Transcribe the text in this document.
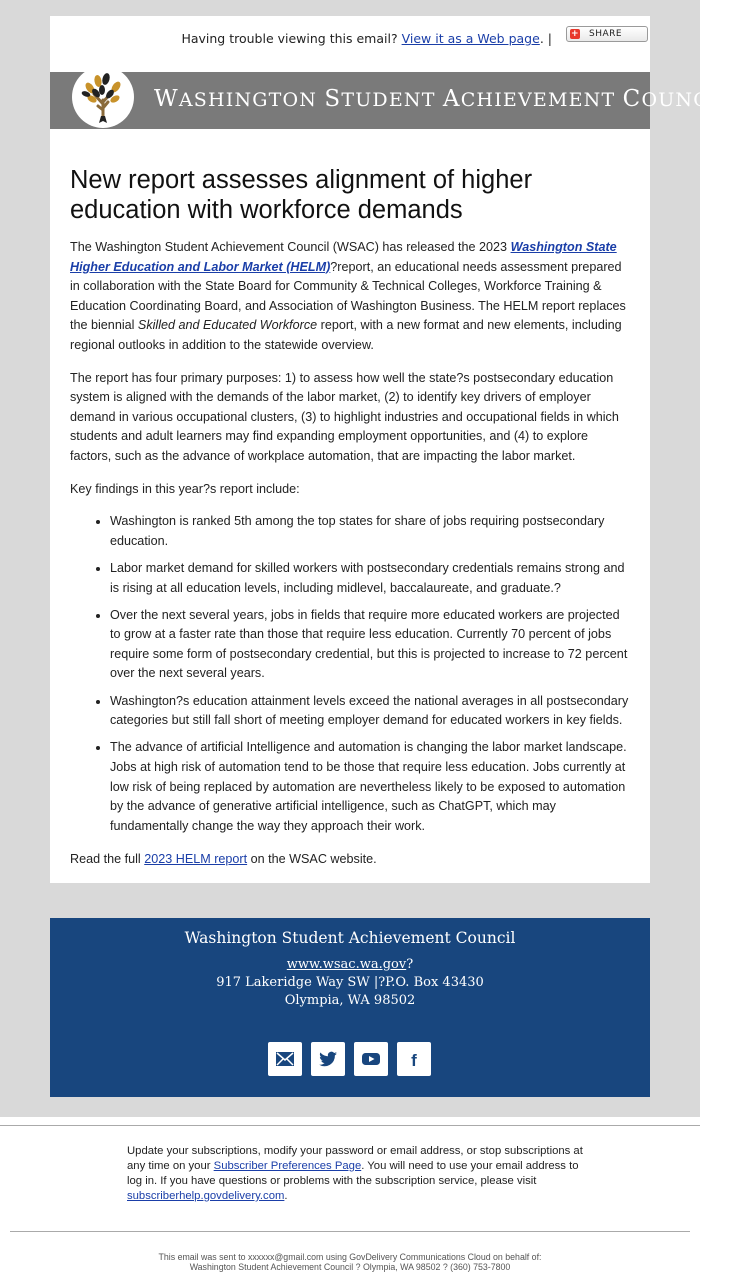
Having trouble viewing this email? View it as a Web page. | + SHARE
WASHINGTON STUDENT ACHIEVEMENT COUNCIL
New report assesses alignment of higher education with workforce demands

The Washington Student Achievement Council (WSAC) has released the 2023 Washington State Higher Education and Labor Market (HELM)?report, an educational needs assessment prepared in collaboration with the State Board for Community & Technical Colleges, Workforce Training & Education Coordinating Board, and Association of Washington Business. The HELM report replaces the biennial Skilled and Educated Workforce report, with a new format and new elements, including regional outlooks in addition to the statewide overview.

The report has four primary purposes: 1) to assess how well the state?s postsecondary education system is aligned with the demands of the labor market, (2) to identify key drivers of employer demand in various occupational clusters, (3) to highlight industries and occupational fields in which students and adult learners may find expanding employment opportunities, and (4) to explore factors, such as the advance of workplace automation, that are impacting the labor market.

Key findings in this year?s report include:

• Washington is ranked 5th among the top states for share of jobs requiring postsecondary education.
• Labor market demand for skilled workers with postsecondary credentials remains strong and is rising at all education levels, including midlevel, baccalaureate, and graduate.?
• Over the next several years, jobs in fields that require more educated workers are projected to grow at a faster rate than those that require less education. Currently 70 percent of jobs require some form of postsecondary credential, but this is projected to increase to 72 percent over the next several years.
• Washington?s education attainment levels exceed the national averages in all postsecondary categories but still fall short of meeting employer demand for educated workers in key fields.
• The advance of artificial Intelligence and automation is changing the labor market landscape. Jobs at high risk of automation tend to be those that require less education. Jobs currently at low risk of being replaced by automation are nevertheless likely to be exposed to automation by the advance of generative artificial intelligence, such as ChatGPT, which may fundamentally change the way they approach their work.

Read the full 2023 HELM report on the WSAC website.

Washington Student Achievement Council
www.wsac.wa.gov?
917 Lakeridge Way SW |?P.O. Box 43430
Olympia, WA 98502
f
Update your subscriptions, modify your password or email address, or stop subscriptions at any time on your Subscriber Preferences Page. You will need to use your email address to log in. If you have questions or problems with the subscription service, please visit subscriberhelp.govdelivery.com.
This email was sent to xxxxxx@gmail.com using GovDelivery Communications Cloud on behalf of:
Washington Student Achievement Council ? Olympia, WA 98502 ? (360) 753-7800
